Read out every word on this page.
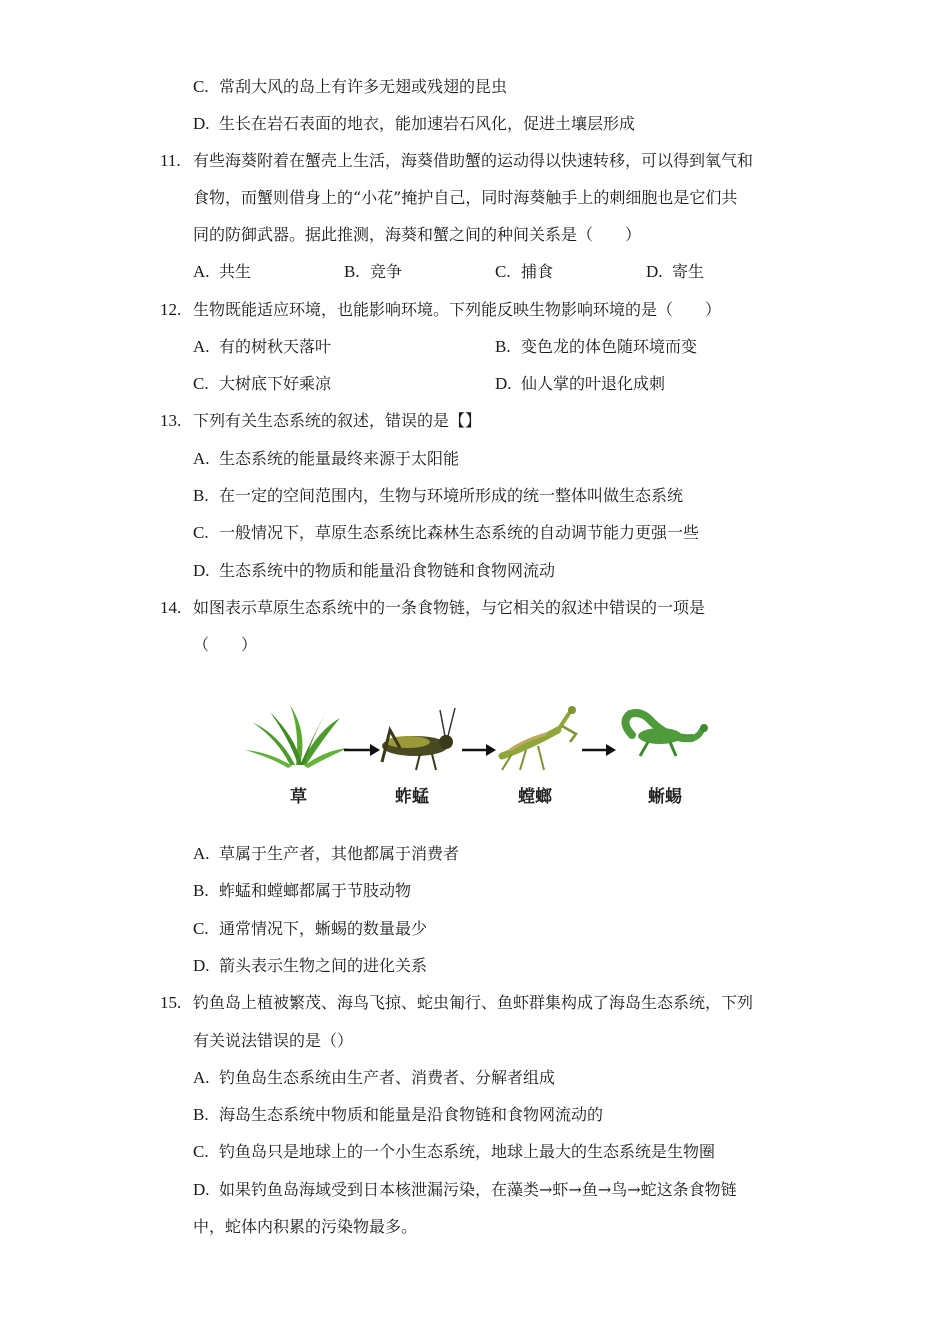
C. 常刮大风的岛上有许多无翅或残翅的昆虫
D. 生长在岩石表面的地衣，能加速岩石风化，促进土壤层形成
11. 有些海葵附着在蟹壳上生活，海葵借助蟹的运动得以快速转移，可以得到氧气和
食物，而蟹则借身上的“小花”掩护自己，同时海葵触手上的刺细胞也是它们共
同的防御武器。据此推测，海葵和蟹之间的种间关系是（　　）
A. 共生	B. 竞争	C. 捕食	D. 寄生
12. 生物既能适应环境，也能影响环境。下列能反映生物影响环境的是（　　）
A. 有的树秋天落叶	B. 变色龙的体色随环境而变
C. 大树底下好乘凉	D. 仙人掌的叶退化成刺
13. 下列有关生态系统的叙述，错误的是【】
A. 生态系统的能量最终来源于太阳能
B. 在一定的空间范围内，生物与环境所形成的统一整体叫做生态系统
C. 一般情况下，草原生态系统比森林生态系统的自动调节能力更强一些
D. 生态系统中的物质和能量沿食物链和食物网流动
14. 如图表示草原生态系统中的一条食物链，与它相关的叙述中错误的一项是
（　　）
草	蚱蜢	螳螂	蜥蜴
A. 草属于生产者，其他都属于消费者
B. 蚱蜢和螳螂都属于节肢动物
C. 通常情况下，蜥蜴的数量最少
D. 箭头表示生物之间的进化关系
15. 钓鱼岛上植被繁茂、海鸟飞掠、蛇虫匍行、鱼虾群集构成了海岛生态系统，下列
有关说法错误的是（）
A. 钓鱼岛生态系统由生产者、消费者、分解者组成
B. 海岛生态系统中物质和能量是沿食物链和食物网流动的
C. 钓鱼岛只是地球上的一个小生态系统，地球上最大的生态系统是生物圈
D. 如果钓鱼岛海域受到日本核泄漏污染，在藻类→虾→鱼→鸟→蛇这条食物链
中，蛇体内积累的污染物最多。
